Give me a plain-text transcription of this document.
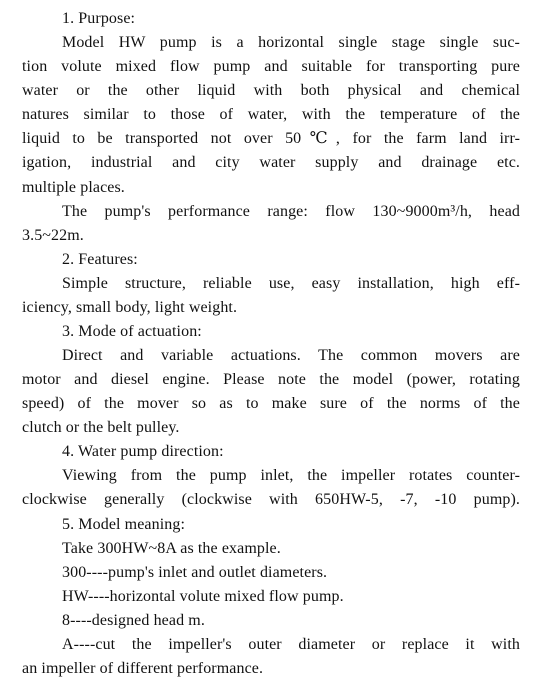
1. Purpose:
Model HW pump is a horizontal single stage single suc-
tion volute mixed flow pump and suitable for transporting pure
water or the other liquid with both physical and chemical
natures similar to those of water, with the temperature of the
liquid to be transported not over 50℃, for the farm land irr-
igation, industrial and city water supply and drainage etc.
multiple places.
The pump's performance range: flow 130~9000m³/h, head
3.5~22m.
2. Features:
Simple structure, reliable use, easy installation, high eff-
iciency, small body, light weight.
3. Mode of actuation:
Direct and variable actuations. The common movers are
motor and diesel engine. Please note the model (power, rotating
speed) of the mover so as to make sure of the norms of the
clutch or the belt pulley.
4. Water pump direction:
Viewing from the pump inlet, the impeller rotates counter-
clockwise generally (clockwise with 650HW-5, -7, -10 pump).
5. Model meaning:
Take 300HW~8A as the example.
300----pump's inlet and outlet diameters.
HW----horizontal volute mixed flow pump.
8----designed head m.
A----cut the impeller's outer diameter or replace it with
an impeller of different performance.
